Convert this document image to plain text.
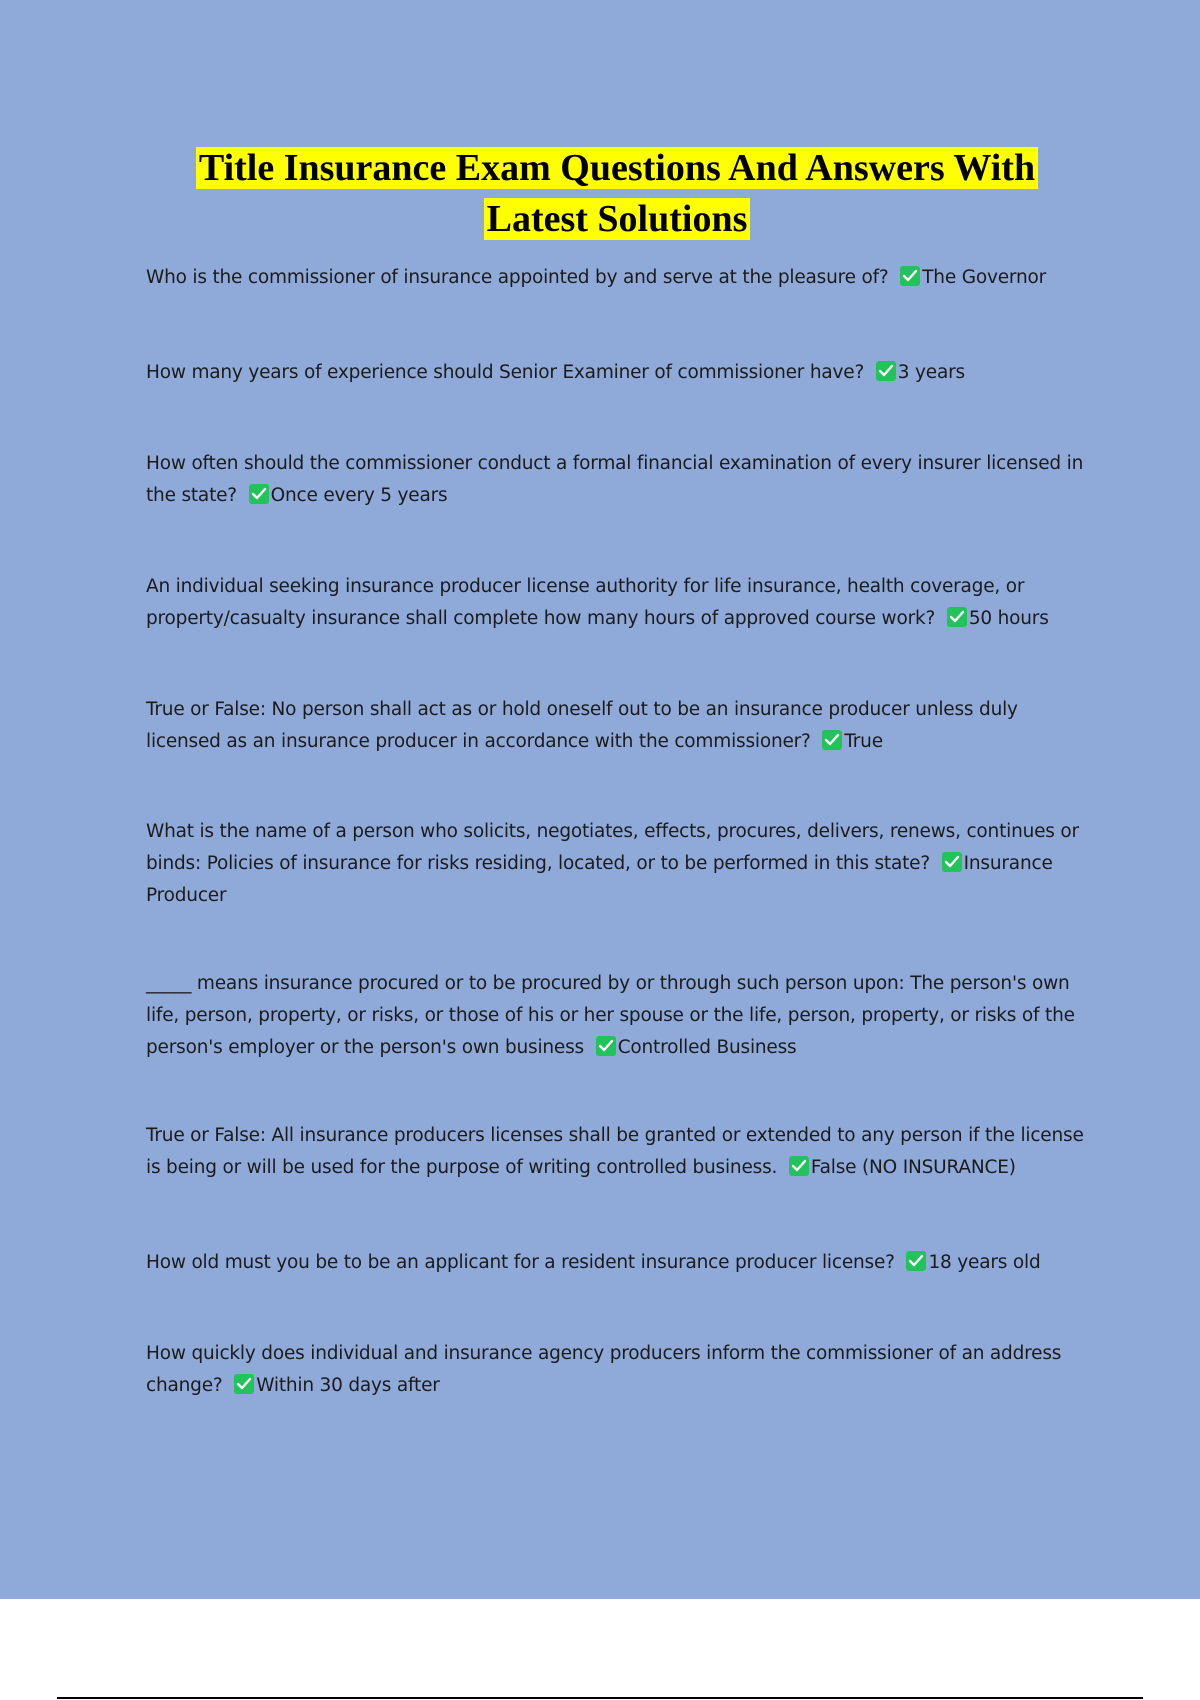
Title Insurance Exam Questions And Answers With
Latest Solutions
Who is the commissioner of insurance appointed by and serve at the pleasure of? The Governor
How many years of experience should Senior Examiner of commissioner have? 3 years
How often should the commissioner conduct a formal financial examination of every insurer licensed in the state? Once every 5 years
An individual seeking insurance producer license authority for life insurance, health coverage, or property/casualty insurance shall complete how many hours of approved course work? 50 hours
True or False: No person shall act as or hold oneself out to be an insurance producer unless duly licensed as an insurance producer in accordance with the commissioner? True
What is the name of a person who solicits, negotiates, effects, procures, delivers, renews, continues or binds: Policies of insurance for risks residing, located, or to be performed in this state? Insurance Producer
_____ means insurance procured or to be procured by or through such person upon: The person's own life, person, property, or risks, or those of his or her spouse or the life, person, property, or risks of the person's employer or the person's own business Controlled Business
True or False: All insurance producers licenses shall be granted or extended to any person if the license is being or will be used for the purpose of writing controlled business. False (NO INSURANCE)
How old must you be to be an applicant for a resident insurance producer license? 18 years old
How quickly does individual and insurance agency producers inform the commissioner of an address change? Within 30 days after
